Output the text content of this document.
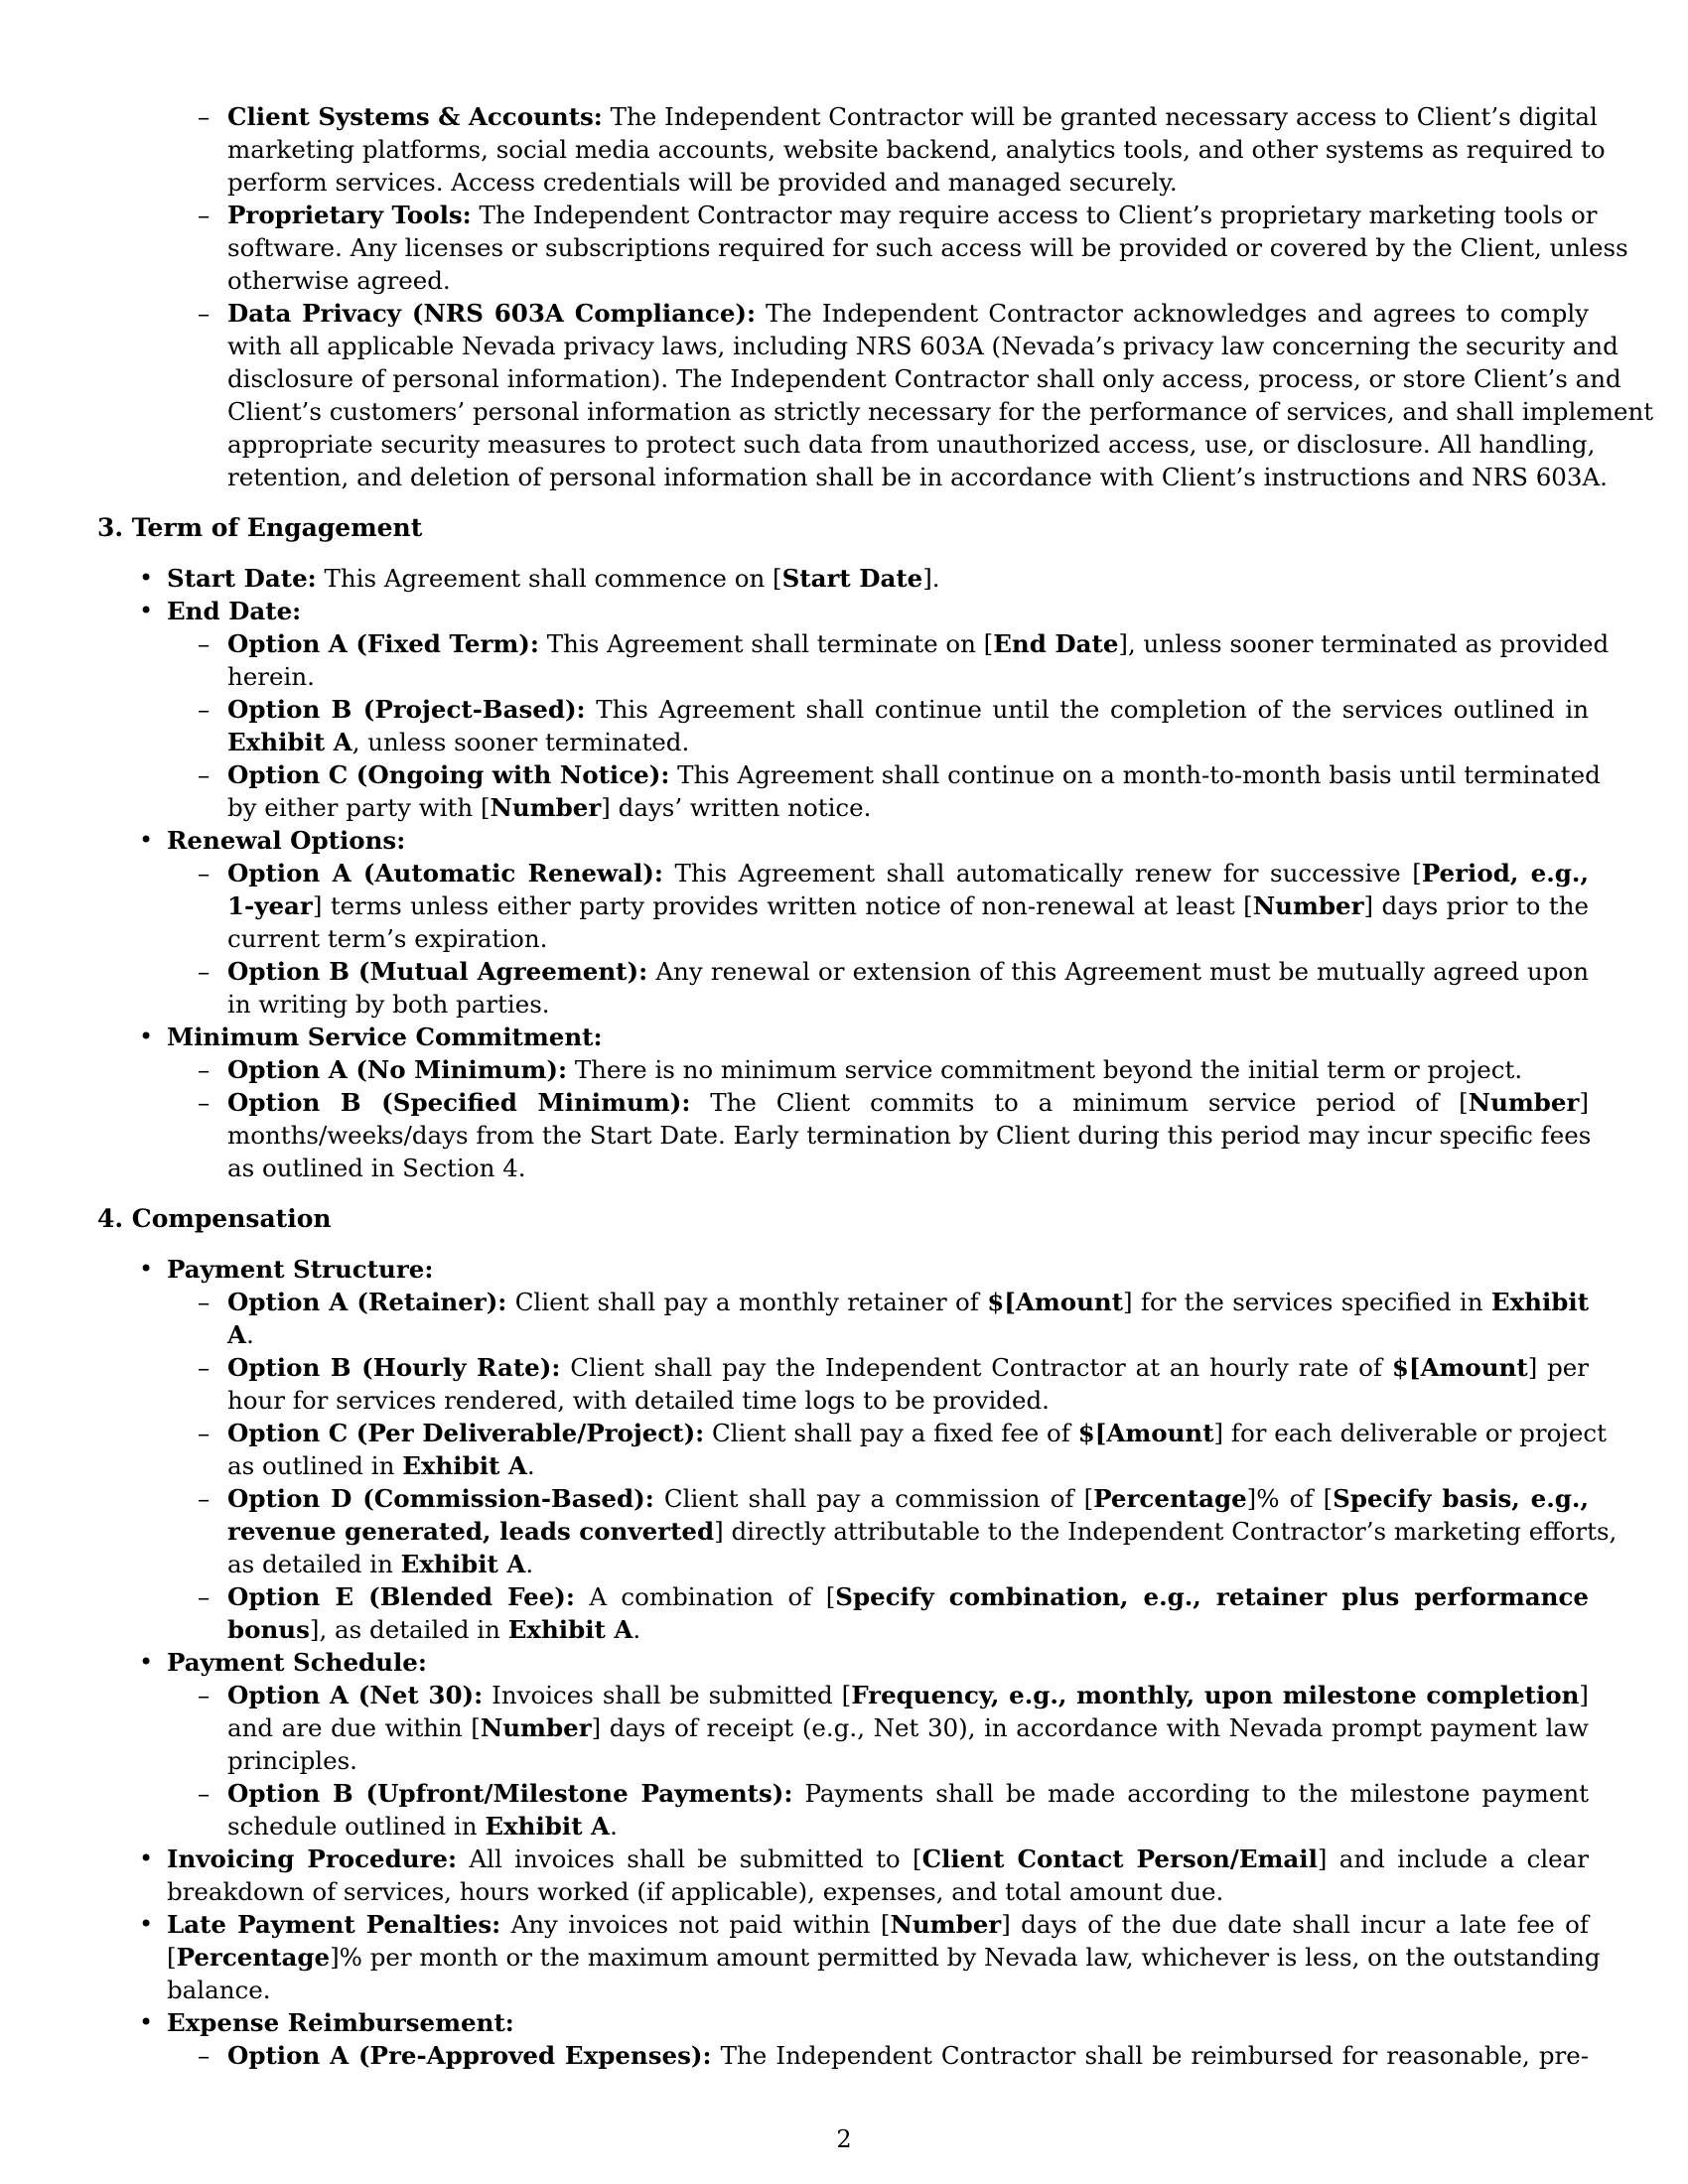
– Client Systems & Accounts: The Independent Contractor will be granted necessary access to Client’s digital
marketing platforms, social media accounts, website backend, analytics tools, and other systems as required to
perform services. Access credentials will be provided and managed securely.
– Proprietary Tools: The Independent Contractor may require access to Client’s proprietary marketing tools or
software. Any licenses or subscriptions required for such access will be provided or covered by the Client, unless
otherwise agreed.
– Data Privacy (NRS 603A Compliance): The Independent Contractor acknowledges and agrees to comply
with all applicable Nevada privacy laws, including NRS 603A (Nevada’s privacy law concerning the security and
disclosure of personal information). The Independent Contractor shall only access, process, or store Client’s and
Client’s customers’ personal information as strictly necessary for the performance of services, and shall implement
appropriate security measures to protect such data from unauthorized access, use, or disclosure. All handling,
retention, and deletion of personal information shall be in accordance with Client’s instructions and NRS 603A.
3. Term of Engagement
• Start Date: This Agreement shall commence on [Start Date].
• End Date:
– Option A (Fixed Term): This Agreement shall terminate on [End Date], unless sooner terminated as provided
herein.
– Option B (Project-Based): This Agreement shall continue until the completion of the services outlined in
Exhibit A, unless sooner terminated.
– Option C (Ongoing with Notice): This Agreement shall continue on a month-to-month basis until terminated
by either party with [Number] days’ written notice.
• Renewal Options:
– Option A (Automatic Renewal): This Agreement shall automatically renew for successive [Period, e.g.,
1-year] terms unless either party provides written notice of non-renewal at least [Number] days prior to the
current term’s expiration.
– Option B (Mutual Agreement): Any renewal or extension of this Agreement must be mutually agreed upon
in writing by both parties.
• Minimum Service Commitment:
– Option A (No Minimum): There is no minimum service commitment beyond the initial term or project.
– Option B (Specified Minimum): The Client commits to a minimum service period of [Number]
months/weeks/days from the Start Date. Early termination by Client during this period may incur specific fees
as outlined in Section 4.
4. Compensation
• Payment Structure:
– Option A (Retainer): Client shall pay a monthly retainer of $[Amount] for the services specified in Exhibit
A.
– Option B (Hourly Rate): Client shall pay the Independent Contractor at an hourly rate of $[Amount] per
hour for services rendered, with detailed time logs to be provided.
– Option C (Per Deliverable/Project): Client shall pay a fixed fee of $[Amount] for each deliverable or project
as outlined in Exhibit A.
– Option D (Commission-Based): Client shall pay a commission of [Percentage]% of [Specify basis, e.g.,
revenue generated, leads converted] directly attributable to the Independent Contractor’s marketing efforts,
as detailed in Exhibit A.
– Option E (Blended Fee): A combination of [Specify combination, e.g., retainer plus performance
bonus], as detailed in Exhibit A.
• Payment Schedule:
– Option A (Net 30): Invoices shall be submitted [Frequency, e.g., monthly, upon milestone completion]
and are due within [Number] days of receipt (e.g., Net 30), in accordance with Nevada prompt payment law
principles.
– Option B (Upfront/Milestone Payments): Payments shall be made according to the milestone payment
schedule outlined in Exhibit A.
• Invoicing Procedure: All invoices shall be submitted to [Client Contact Person/Email] and include a clear
breakdown of services, hours worked (if applicable), expenses, and total amount due.
• Late Payment Penalties: Any invoices not paid within [Number] days of the due date shall incur a late fee of
[Percentage]% per month or the maximum amount permitted by Nevada law, whichever is less, on the outstanding
balance.
• Expense Reimbursement:
– Option A (Pre-Approved Expenses): The Independent Contractor shall be reimbursed for reasonable, pre-
2
